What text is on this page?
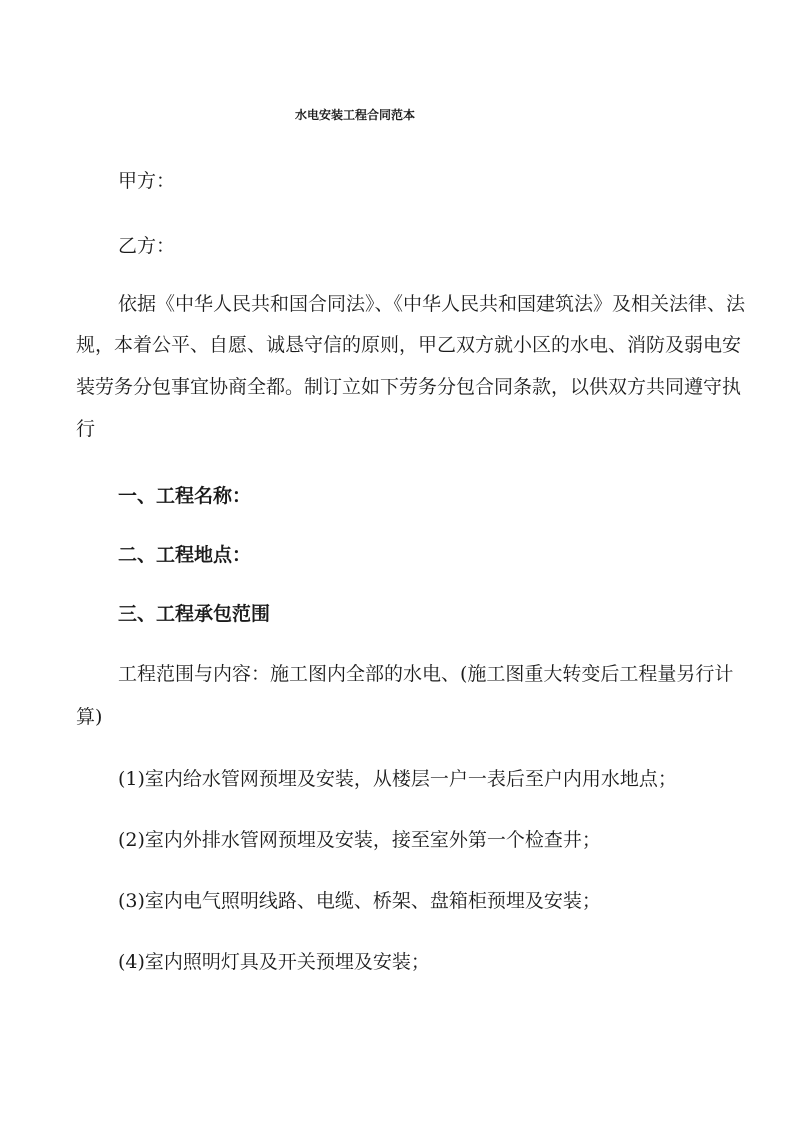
水电安装工程合同范本
甲方：
乙方：
依据《中华人民共和国合同法》、《中华人民共和国建筑法》及相关法律、法
规，本着公平、自愿、诚恳守信的原则，甲乙双方就小区的水电、消防及弱电安
装劳务分包事宜协商全都。制订立如下劳务分包合同条款，以供双方共同遵守执
行
一、工程名称：
二、工程地点：
三、工程承包范围
工程范围与内容：施工图内全部的水电、(施工图重大转变后工程量另行计
算)
(1)室内给水管网预埋及安装，从楼层一户一表后至户内用水地点；
(2)室内外排水管网预埋及安装，接至室外第一个检查井；
(3)室内电气照明线路、电缆、桥架、盘箱柜预埋及安装；
(4)室内照明灯具及开关预埋及安装；
